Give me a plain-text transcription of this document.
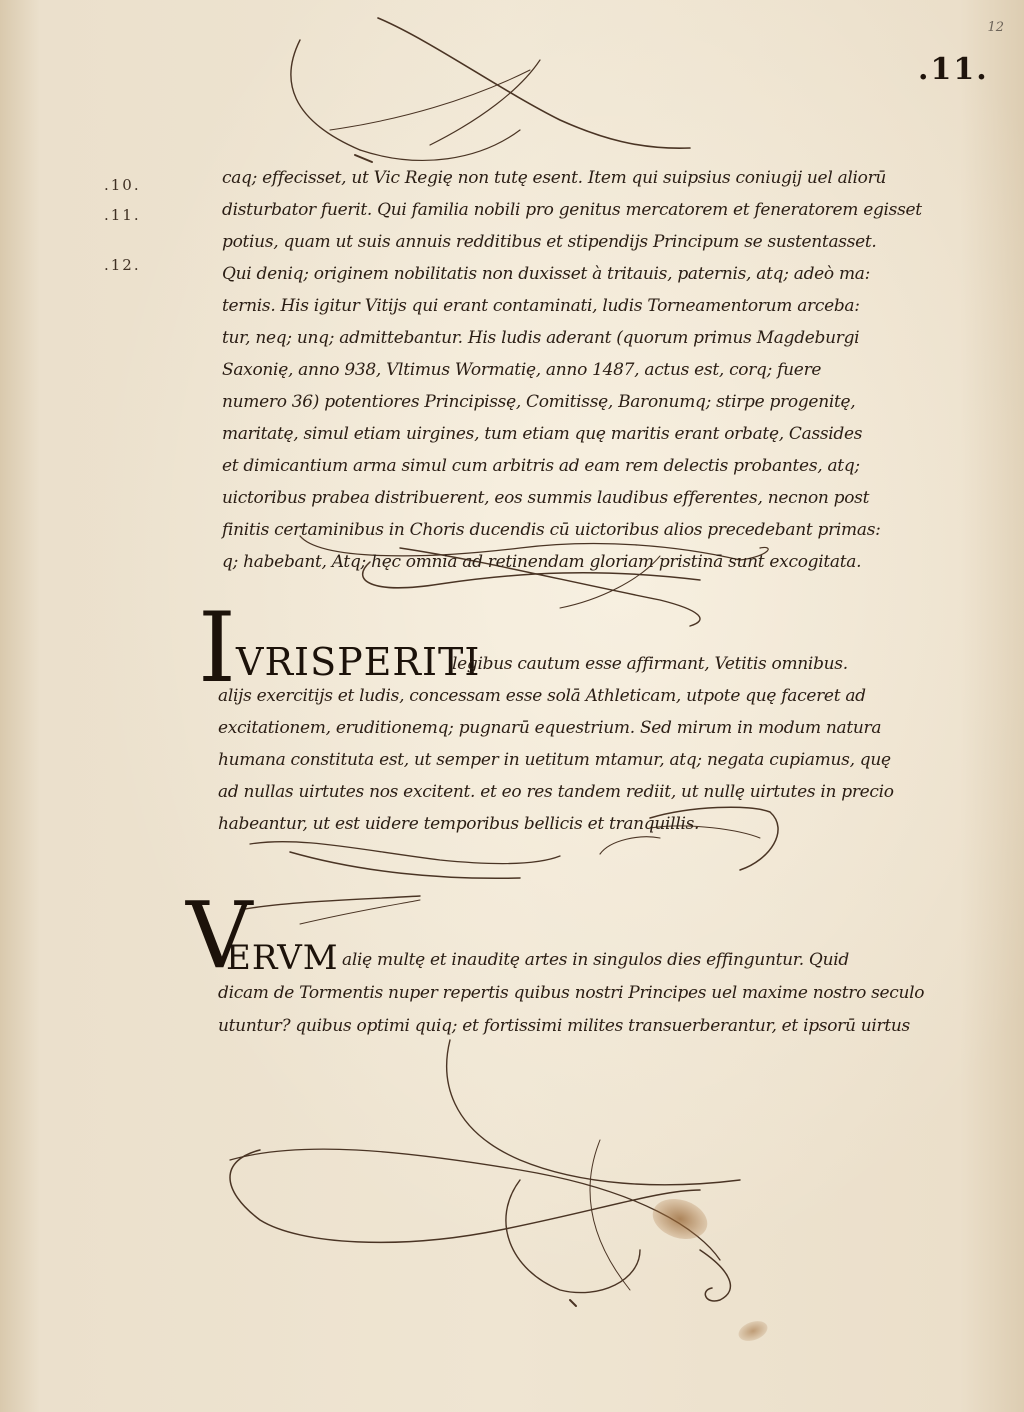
12
.11.
.10.
.11.
.12.
caq; effecisset, ut Vic Regię non tutę esent. Item qui suipsius coniugij uel aliorū
disturbator fuerit. Qui familia nobili pro genitus mercatorem et feneratorem egisset
potius, quam ut suis annuis redditibus et stipendijs Principum se sustentasset.
Qui deniq; originem nobilitatis non duxisset à tritauis, paternis, atq; adeò ma:
ternis. His igitur Vitijs qui erant contaminati, ludis Torneamentorum arceba:
tur, neq; unq; admittebantur. His ludis aderant (quorum primus Magdeburgi
Saxonię, anno 938, Vltimus Wormatię, anno 1487, actus est, corq; fuere
numero 36) potentiores Principissę, Comitissę, Baronumq; stirpe progenitę,
maritatę, simul etiam uirgines, tum etiam quę maritis erant orbatę, Cassides
et dimicantium arma simul cum arbitris ad eam rem delectis probantes, atq;
uictoribus prabea distribuerent, eos summis laudibus efferentes, necnon post
finitis certaminibus in Choris ducendis cū uictoribus alios precedebant primas:
q; habebant, Atq; hęc omnia ad retinendam gloriam pristinā sunt excogitata.
I VRISPERITI
legibus cautum esse affirmant, Vetitis omnibus.
alijs exercitijs et ludis, concessam esse solā Athleticam, utpote quę faceret ad
excitationem, eruditionemq; pugnarū equestrium. Sed mirum in modum natura
humana constituta est, ut semper in uetitum mtamur, atq; negata cupiamus, quę
ad nullas uirtutes nos excitent. et eo res tandem rediit, ut nullę uirtutes in precio
habeantur, ut est uidere temporibus bellicis et tranquillis.
V
ERVM alię multę et inauditę artes in singulos dies effinguntur. Quid
dicam de Tormentis nuper repertis quibus nostri Principes uel maxime nostro seculo
utuntur? quibus optimi quiq; et fortissimi milites transuerberantur, et ipsorū uirtus
